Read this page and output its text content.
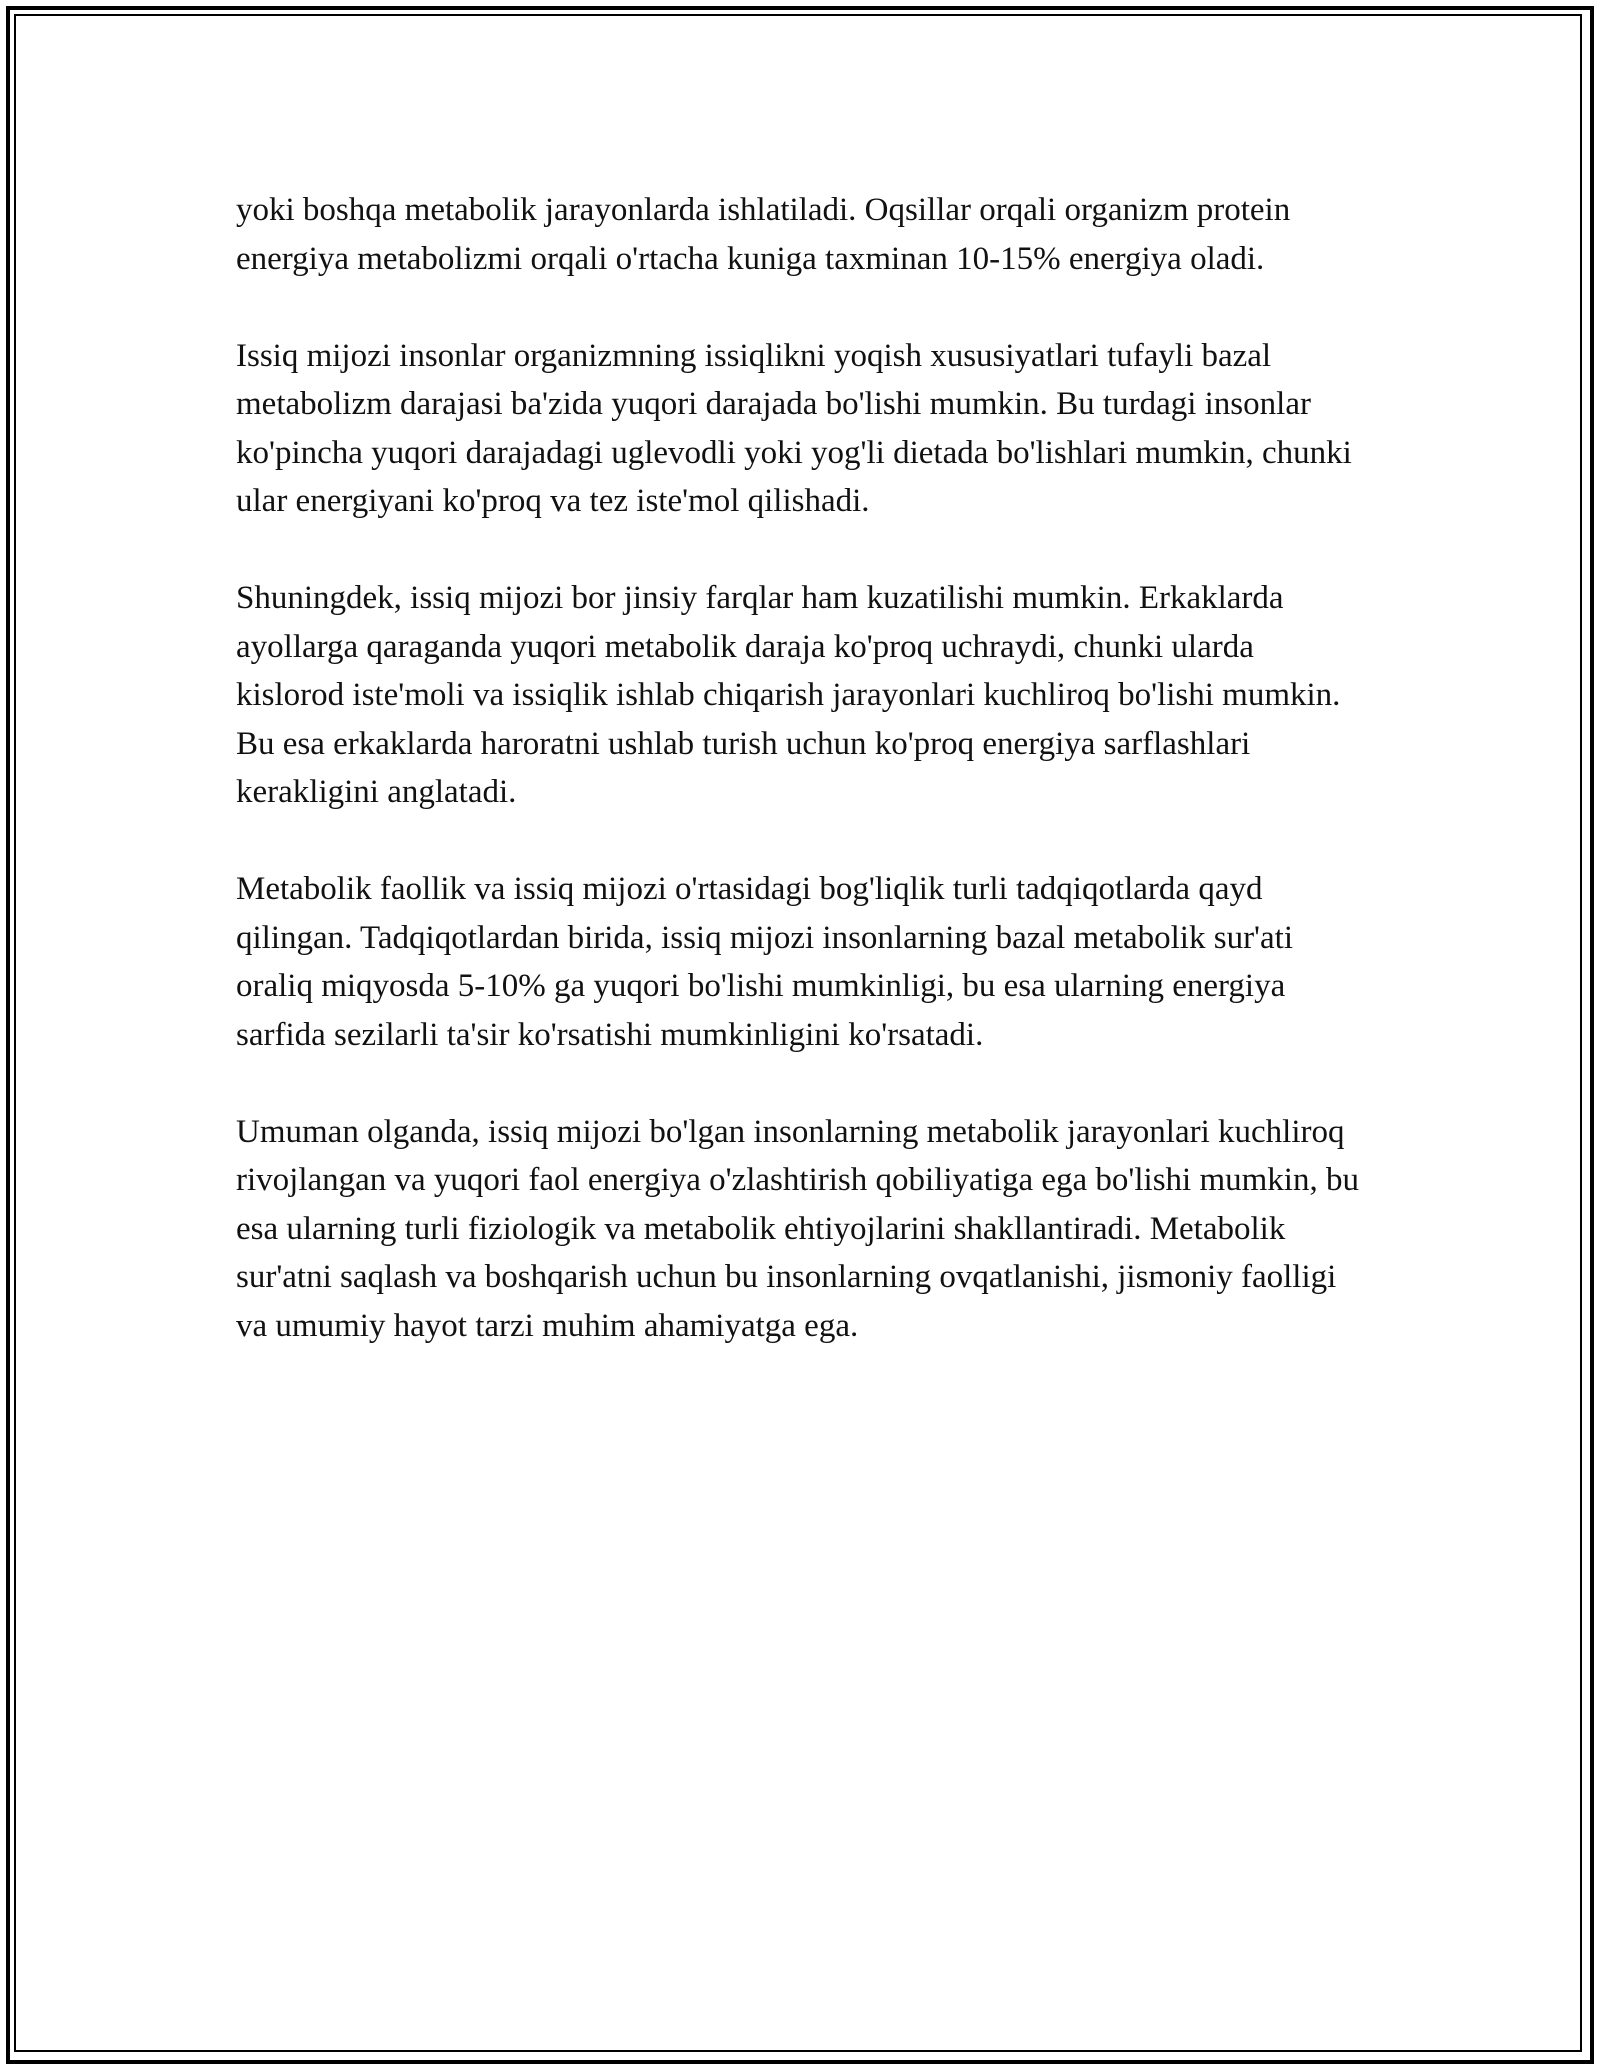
yoki boshqa metabolik jarayonlarda ishlatiladi. Oqsillar orqali organizm protein energiya metabolizmi orqali o'rtacha kuniga taxminan 10-15% energiya oladi.

Issiq mijozi insonlar organizmning issiqlikni yoqish xususiyatlari tufayli bazal metabolizm darajasi ba'zida yuqori darajada bo'lishi mumkin. Bu turdagi insonlar ko'pincha yuqori darajadagi uglevodli yoki yog'li dietada bo'lishlari mumkin, chunki ular energiyani ko'proq va tez iste'mol qilishadi.

Shuningdek, issiq mijozi bor jinsiy farqlar ham kuzatilishi mumkin. Erkaklarda ayollarga qaraganda yuqori metabolik daraja ko'proq uchraydi, chunki ularda kislorod iste'moli va issiqlik ishlab chiqarish jarayonlari kuchliroq bo'lishi mumkin. Bu esa erkaklarda haroratni ushlab turish uchun ko'proq energiya sarflashlari kerakligini anglatadi.

Metabolik faollik va issiq mijozi o'rtasidagi bog'liqlik turli tadqiqotlarda qayd qilingan. Tadqiqotlardan birida, issiq mijozi insonlarning bazal metabolik sur'ati oraliq miqyosda 5-10% ga yuqori bo'lishi mumkinligi, bu esa ularning energiya sarfida sezilarli ta'sir ko'rsatishi mumkinligini ko'rsatadi.

Umuman olganda, issiq mijozi bo'lgan insonlarning metabolik jarayonlari kuchliroq rivojlangan va yuqori faol energiya o'zlashtirish qobiliyatiga ega bo'lishi mumkin, bu esa ularning turli fiziologik va metabolik ehtiyojlarini shakllantiradi. Metabolik sur'atni saqlash va boshqarish uchun bu insonlarning ovqatlanishi, jismoniy faolligi va umumiy hayot tarzi muhim ahamiyatga ega.
